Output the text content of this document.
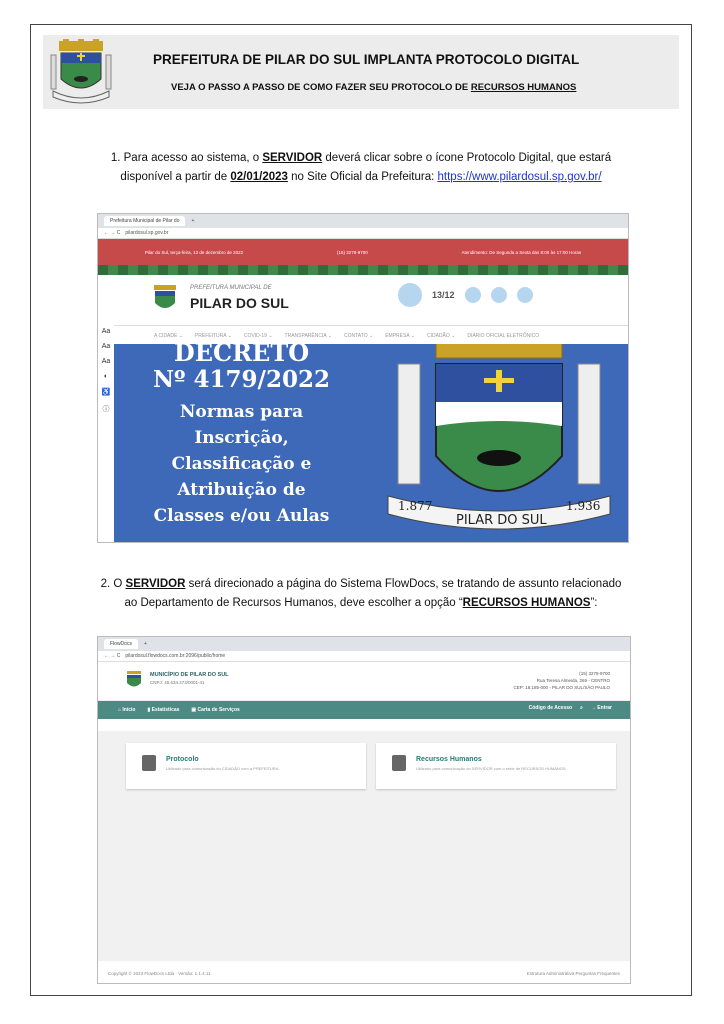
PREFEITURA DE PILAR DO SUL IMPLANTA PROTOCOLO DIGITAL
VEJA O PASSO A PASSO DE COMO FAZER SEU PROTOCOLO DE RECURSOS HUMANOS
1. Para acesso ao sistema, o SERVIDOR deverá clicar sobre o ícone Protocolo Digital, que estará
disponível a partir de 02/01/2023 no Site Oficial da Prefeitura: https://www.pilardosul.sp.gov.br/
Prefeitura Municipal de Pilar do	+
← → C pilardosul.sp.gov.br
Pilar do Sul, terça-feira, 13 de dezembro de 2022	(15) 3278-9700	Atendimento: De Segunda a Sexta das 8:00 às 17:00 Horas
PREFEITURA MUNICIPAL DE
PILAR DO SUL	13/12
A CIDADE ⌄ PREFEITURA ⌄ COVID-19 ⌄ TRANSPARÊNCIA ⌄ CONTATO ⌄ EMPRESA ⌄ CIDADÃO ⌄ DIÁRIO OFICIAL ELETRÔNICO
Aa
Aa
Aa
◐
♿
ⓘ
DECRETO
Nº 4179/2022
Normas para
Inscrição,
Classificação e
Atribuição de
Classes e/ou Aulas	1.877	1.936
PILAR DO SUL
2. O SERVIDOR será direcionado a página do Sistema FlowDocs, se tratando de assunto relacionado
ao Departamento de Recursos Humanos, deve escolher a opção “RECURSOS HUMANOS”:
FlowDocs	+
← → C pilardosul.flowdocs.com.br:2096/public/home
MUNICÍPIO DE PILAR DO SUL
CNPJ: 46.634.473/0001-41
(15) 3278-9700
Rua Teresa Almeida, 269 - CENTRO
CEP: 18.185-000 - PILAR DO SUL/SÃO PAULO
⌂ Início ▮ Estatísticas ▣ Carta de Serviços	Código de Acesso ⌕ → Entrar
Protocolo
Utilizado para comunicação do CIDADÃO com a PREFEITURA.
Recursos Humanos
Utilizado para comunicação do SERVIDOR com o setor de RECURSOS HUMANOS.
Copyright © 2023 FlowDocs Ltda · Versão: 1.1.4.11	Estrutura Administrativa Perguntas Frequentes
